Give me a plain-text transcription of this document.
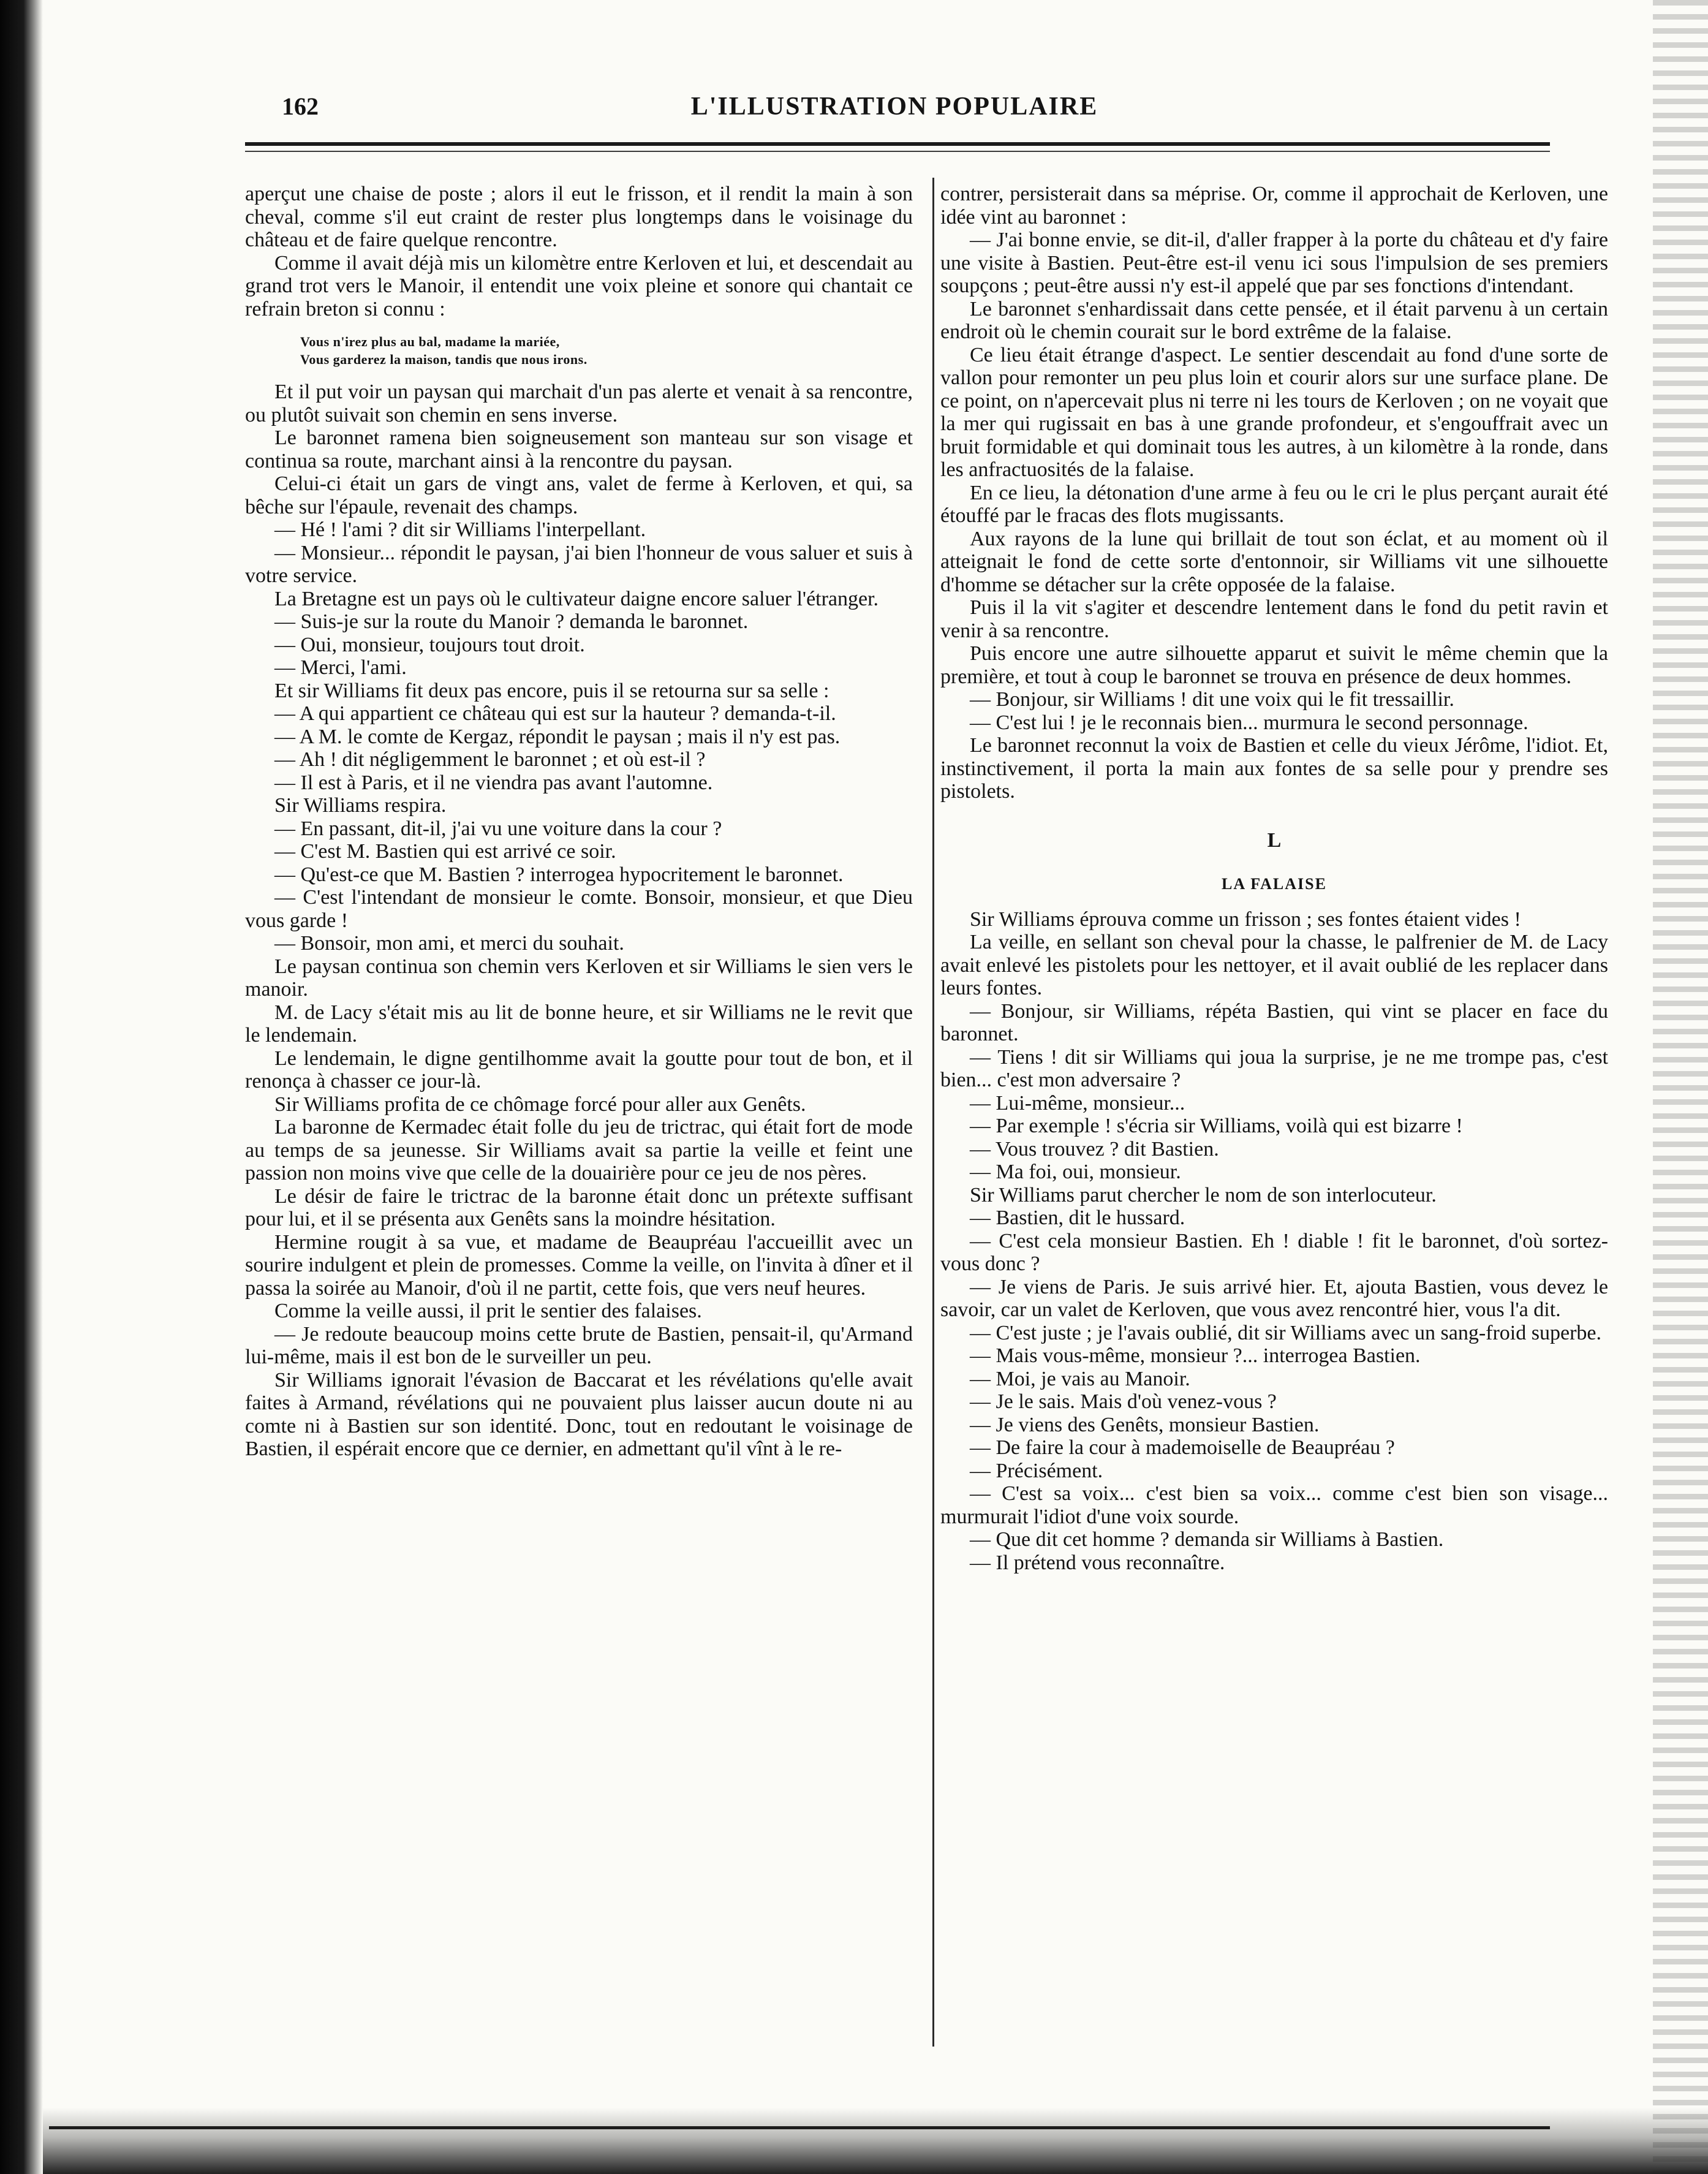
162	L'ILLUSTRATION POPULAIRE

aperçut une chaise de poste ; alors il eut le frisson, et il rendit la main à son cheval, comme s'il eut craint de rester plus longtemps dans le voisinage du château et de faire quelque rencontre.

Comme il avait déjà mis un kilomètre entre Kerloven et lui, et descendait au grand trot vers le Manoir, il entendit une voix pleine et sonore qui chantait ce refrain breton si connu :

Vous n'irez plus au bal, madame la mariée,
Vous garderez la maison, tandis que nous irons.

Et il put voir un paysan qui marchait d'un pas alerte et venait à sa rencontre, ou plutôt suivait son chemin en sens inverse.

Le baronnet ramena bien soigneusement son manteau sur son visage et continua sa route, marchant ainsi à la rencontre du paysan.

Celui-ci était un gars de vingt ans, valet de ferme à Kerloven, et qui, sa bêche sur l'épaule, revenait des champs.

— Hé ! l'ami ? dit sir Williams l'interpellant.

— Monsieur... répondit le paysan, j'ai bien l'honneur de vous saluer et suis à votre service.

La Bretagne est un pays où le cultivateur daigne encore saluer l'étranger.

— Suis-je sur la route du Manoir ? demanda le baronnet.

— Oui, monsieur, toujours tout droit.

— Merci, l'ami.

Et sir Williams fit deux pas encore, puis il se retourna sur sa selle :

— A qui appartient ce château qui est sur la hauteur ? demanda-t-il.

— A M. le comte de Kergaz, répondit le paysan ; mais il n'y est pas.

— Ah ! dit négligemment le baronnet ; et où est-il ?

— Il est à Paris, et il ne viendra pas avant l'automne.

Sir Williams respira.

— En passant, dit-il, j'ai vu une voiture dans la cour ?

— C'est M. Bastien qui est arrivé ce soir.

— Qu'est-ce que M. Bastien ? interrogea hypocritement le baronnet.

— C'est l'intendant de monsieur le comte. Bonsoir, monsieur, et que Dieu vous garde !

— Bonsoir, mon ami, et merci du souhait.

Le paysan continua son chemin vers Kerloven et sir Williams le sien vers le manoir.

M. de Lacy s'était mis au lit de bonne heure, et sir Williams ne le revit que le lendemain.

Le lendemain, le digne gentilhomme avait la goutte pour tout de bon, et il renonça à chasser ce jour-là.

Sir Williams profita de ce chômage forcé pour aller aux Genêts.

La baronne de Kermadec était folle du jeu de trictrac, qui était fort de mode au temps de sa jeunesse. Sir Williams avait sa partie la veille et feint une passion non moins vive que celle de la douairière pour ce jeu de nos pères.

Le désir de faire le trictrac de la baronne était donc un prétexte suffisant pour lui, et il se présenta aux Genêts sans la moindre hésitation.

Hermine rougit à sa vue, et madame de Beaupréau l'accueillit avec un sourire indulgent et plein de promesses. Comme la veille, on l'invita à dîner et il passa la soirée au Manoir, d'où il ne partit, cette fois, que vers neuf heures.

Comme la veille aussi, il prit le sentier des falaises.

— Je redoute beaucoup moins cette brute de Bastien, pensait-il, qu'Armand lui-même, mais il est bon de le surveiller un peu.

Sir Williams ignorait l'évasion de Baccarat et les révélations qu'elle avait faites à Armand, révélations qui ne pouvaient plus laisser aucun doute ni au comte ni à Bastien sur son identité. Donc, tout en redoutant le voisinage de Bastien, il espérait encore que ce dernier, en admettant qu'il vînt à le re-

contrer, persisterait dans sa méprise. Or, comme il approchait de Kerloven, une idée vint au baronnet :

— J'ai bonne envie, se dit-il, d'aller frapper à la porte du château et d'y faire une visite à Bastien. Peut-être est-il venu ici sous l'impulsion de ses premiers soupçons ; peut-être aussi n'y est-il appelé que par ses fonctions d'intendant.

Le baronnet s'enhardissait dans cette pensée, et il était parvenu à un certain endroit où le chemin courait sur le bord extrême de la falaise.

Ce lieu était étrange d'aspect. Le sentier descendait au fond d'une sorte de vallon pour remonter un peu plus loin et courir alors sur une surface plane. De ce point, on n'apercevait plus ni terre ni les tours de Kerloven ; on ne voyait que la mer qui rugissait en bas à une grande profondeur, et s'engouffrait avec un bruit formidable et qui dominait tous les autres, à un kilomètre à la ronde, dans les anfractuosités de la falaise.

En ce lieu, la détonation d'une arme à feu ou le cri le plus perçant aurait été étouffé par le fracas des flots mugissants.

Aux rayons de la lune qui brillait de tout son éclat, et au moment où il atteignait le fond de cette sorte d'entonnoir, sir Williams vit une silhouette d'homme se détacher sur la crête opposée de la falaise.

Puis il la vit s'agiter et descendre lentement dans le fond du petit ravin et venir à sa rencontre.

Puis encore une autre silhouette apparut et suivit le même chemin que la première, et tout à coup le baronnet se trouva en présence de deux hommes.

— Bonjour, sir Williams ! dit une voix qui le fit tressaillir.

— C'est lui ! je le reconnais bien... murmura le second personnage.

Le baronnet reconnut la voix de Bastien et celle du vieux Jérôme, l'idiot. Et, instinctivement, il porta la main aux fontes de sa selle pour y prendre ses pistolets.

L
LA FALAISE

Sir Williams éprouva comme un frisson ; ses fontes étaient vides !

La veille, en sellant son cheval pour la chasse, le palfrenier de M. de Lacy avait enlevé les pistolets pour les nettoyer, et il avait oublié de les replacer dans leurs fontes.

— Bonjour, sir Williams, répéta Bastien, qui vint se placer en face du baronnet.

— Tiens ! dit sir Williams qui joua la surprise, je ne me trompe pas, c'est bien... c'est mon adversaire ?

— Lui-même, monsieur...

— Par exemple ! s'écria sir Williams, voilà qui est bizarre !

— Vous trouvez ? dit Bastien.

— Ma foi, oui, monsieur.

Sir Williams parut chercher le nom de son interlocuteur.

— Bastien, dit le hussard.

— C'est cela monsieur Bastien. Eh ! diable ! fit le baronnet, d'où sortez-vous donc ?

— Je viens de Paris. Je suis arrivé hier. Et, ajouta Bastien, vous devez le savoir, car un valet de Kerloven, que vous avez rencontré hier, vous l'a dit.

— C'est juste ; je l'avais oublié, dit sir Williams avec un sang-froid superbe.

— Mais vous-même, monsieur ?... interrogea Bastien.

— Moi, je vais au Manoir.

— Je le sais. Mais d'où venez-vous ?

— Je viens des Genêts, monsieur Bastien.

— De faire la cour à mademoiselle de Beaupréau ?

— Précisément.

— C'est sa voix... c'est bien sa voix... comme c'est bien son visage... murmurait l'idiot d'une voix sourde.

— Que dit cet homme ? demanda sir Williams à Bastien.

— Il prétend vous reconnaître.
